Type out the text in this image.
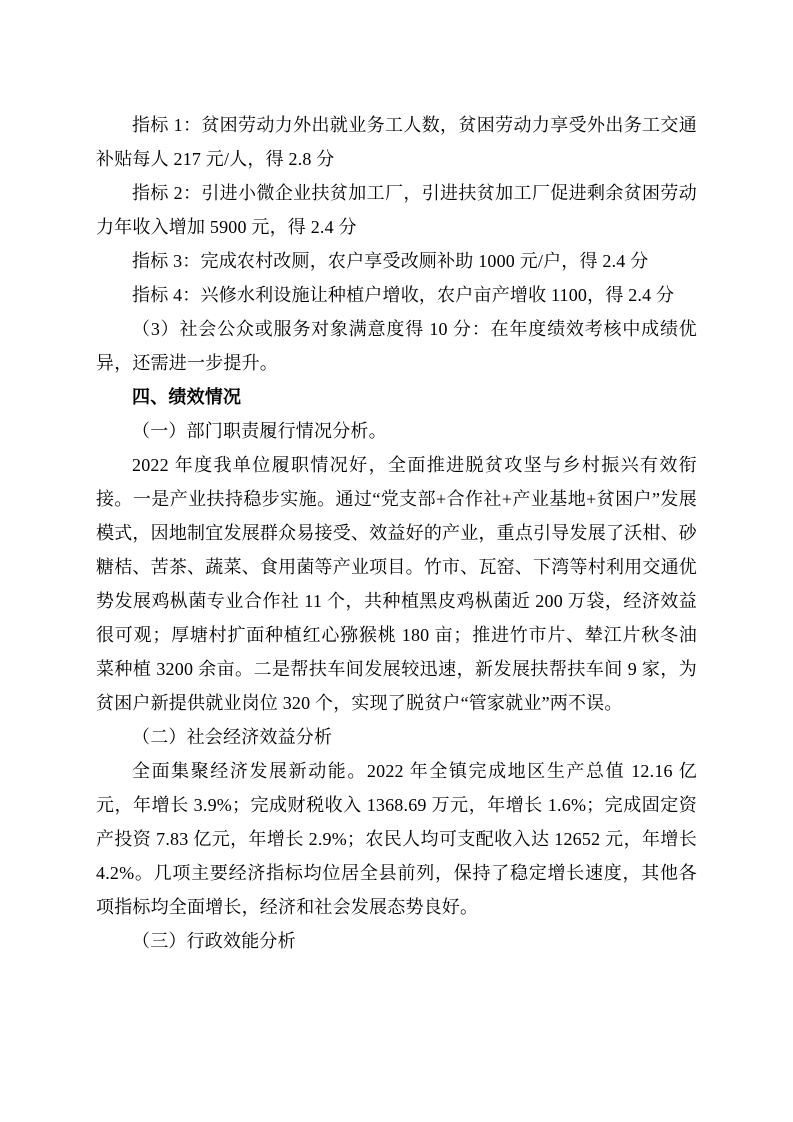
指标 1：贫困劳动力外出就业务工人数，贫困劳动力享受外出务工交通补贴每人 217 元/人，得 2.8 分

指标 2：引进小微企业扶贫加工厂，引进扶贫加工厂促进剩余贫困劳动力年收入增加 5900 元，得 2.4 分

指标 3：完成农村改厕，农户享受改厕补助 1000 元/户，得 2.4 分

指标 4：兴修水利设施让种植户增收，农户亩产增收 1100，得 2.4 分

（3）社会公众或服务对象满意度得 10 分：在年度绩效考核中成绩优异，还需进一步提升。

四、绩效情况

（一）部门职责履行情况分析。

2022 年度我单位履职情况好，全面推进脱贫攻坚与乡村振兴有效衔接。一是产业扶持稳步实施。通过“党支部+合作社+产业基地+贫困户”发展模式，因地制宜发展群众易接受、效益好的产业，重点引导发展了沃柑、砂糖桔、苦茶、蔬菜、食用菌等产业项目。竹市、瓦窑、下湾等村利用交通优势发展鸡枞菌专业合作社 11 个，共种植黑皮鸡枞菌近 200 万袋，经济效益很可观；厚塘村扩面种植红心猕猴桃 180 亩；推进竹市片、辇江片秋冬油菜种植 3200 余亩。二是帮扶车间发展较迅速，新发展扶帮扶车间 9 家，为贫困户新提供就业岗位 320 个，实现了脱贫户“管家就业”两不误。

（二）社会经济效益分析

全面集聚经济发展新动能。2022 年全镇完成地区生产总值 12.16 亿元，年增长 3.9%；完成财税收入 1368.69 万元，年增长 1.6%；完成固定资产投资 7.83 亿元，年增长 2.9%；农民人均可支配收入达 12652 元，年增长 4.2%。几项主要经济指标均位居全县前列，保持了稳定增长速度，其他各项指标均全面增长，经济和社会发展态势良好。

（三）行政效能分析
